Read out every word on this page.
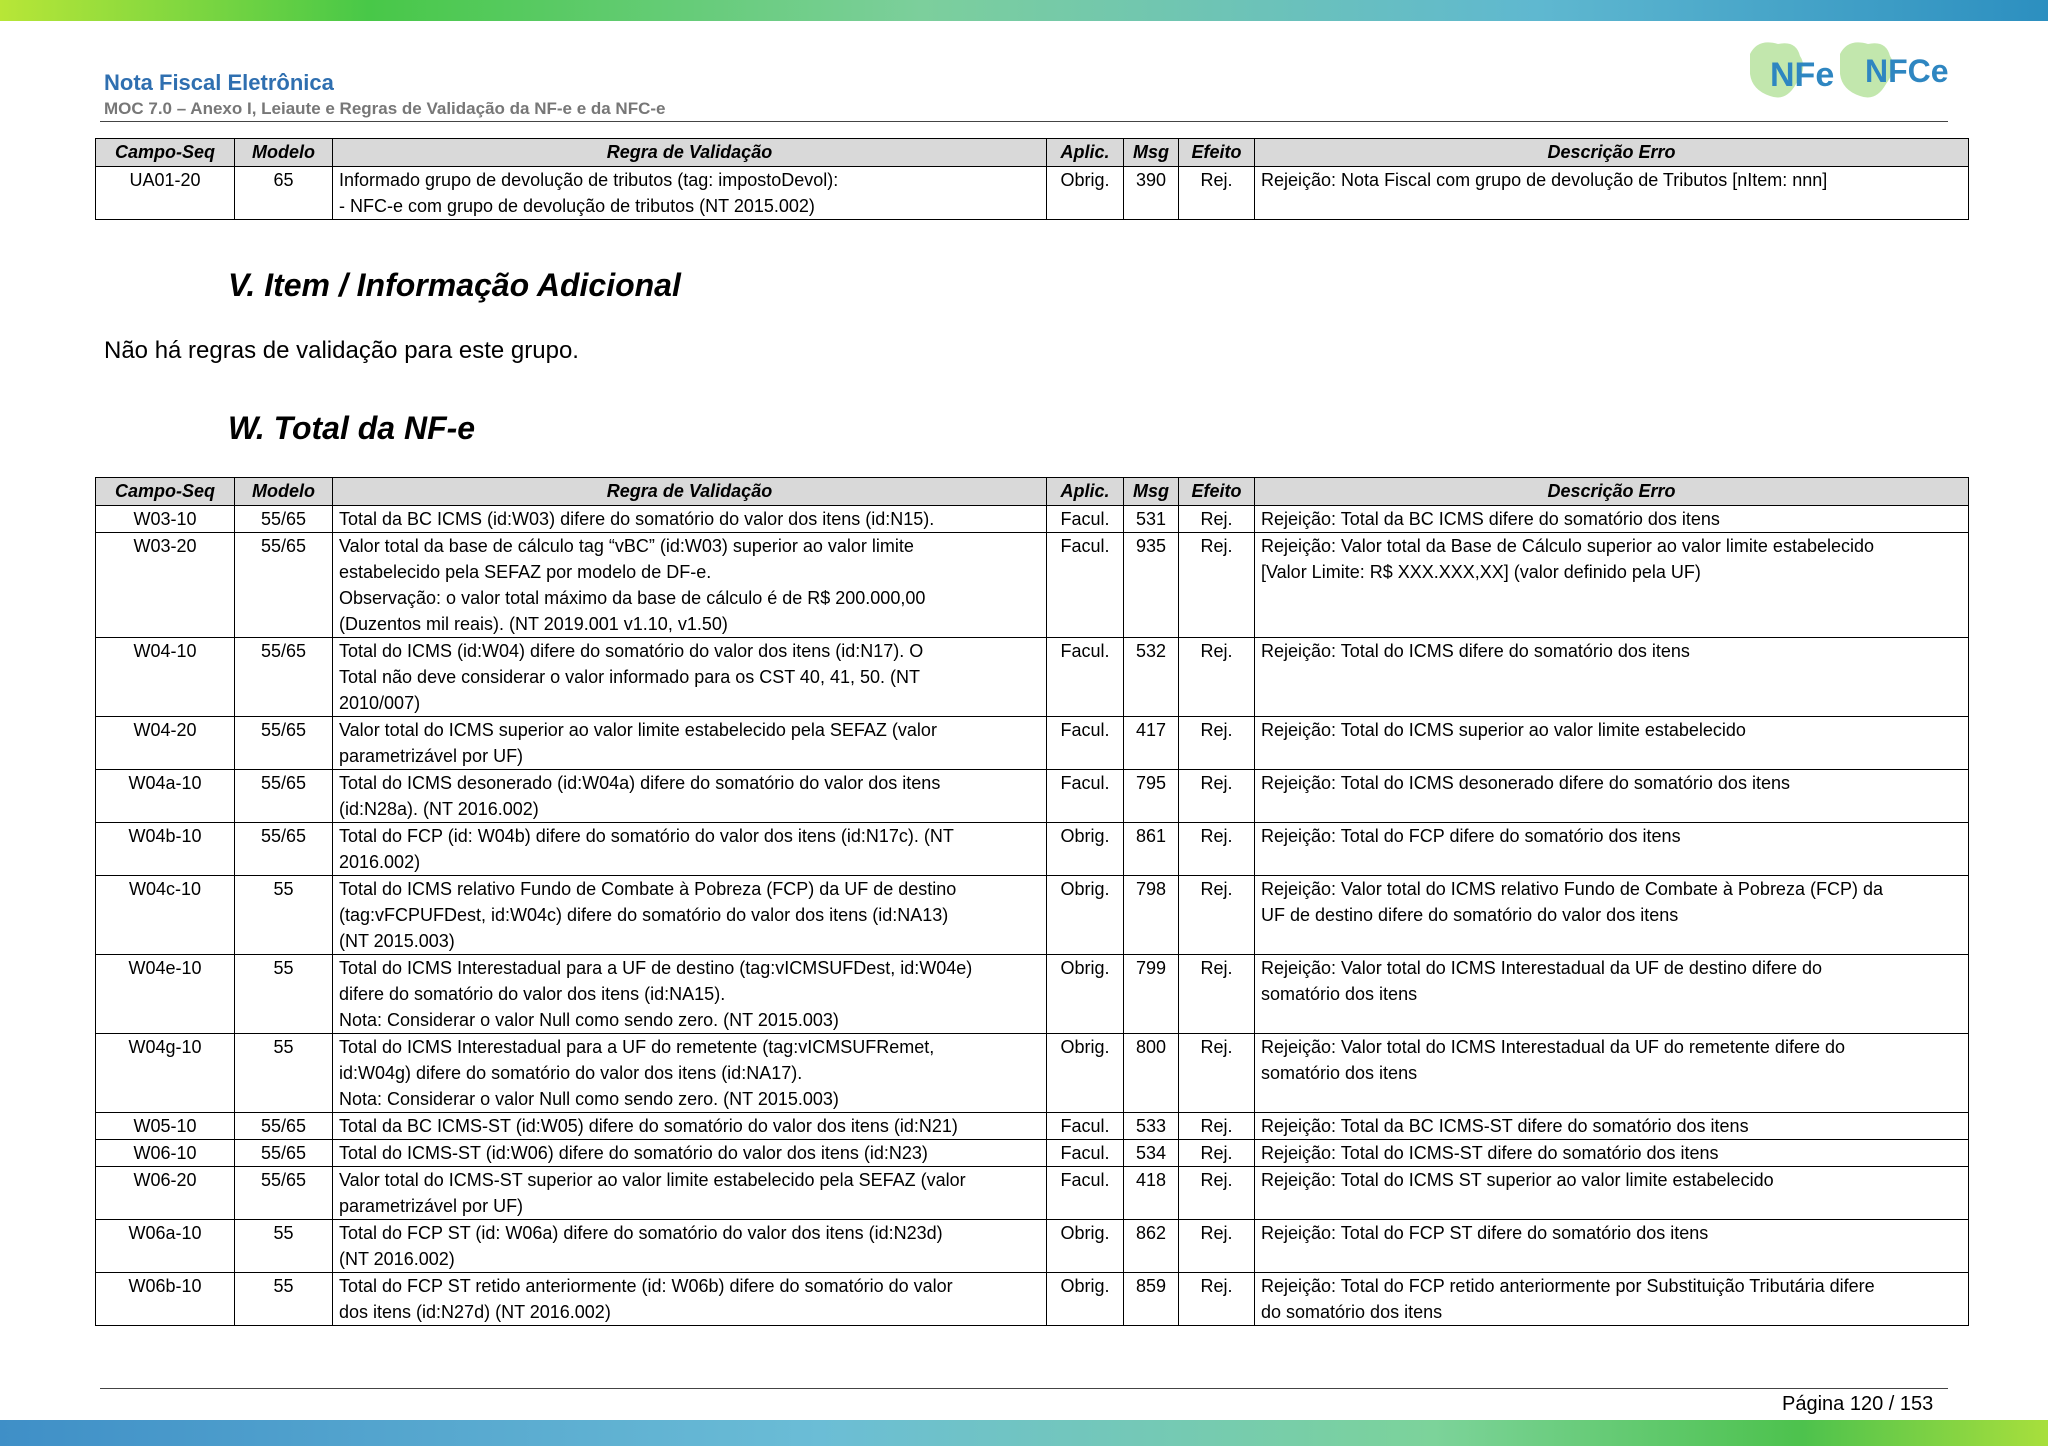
Nota Fiscal Eletrônica
MOC 7.0 – Anexo I, Leiaute e Regras de Validação da NF-e e da NFC-e
NFe NFCe
Campo-Seq	Modelo	Regra de Validação	Aplic.	Msg	Efeito	Descrição Erro
UA01-20	65	Informado grupo de devolução de tributos (tag: impostoDevol):
- NFC-e com grupo de devolução de tributos (NT 2015.002)	Obrig.	390	Rej.	Rejeição: Nota Fiscal com grupo de devolução de Tributos [nItem: nnn]
V. Item / Informação Adicional
Não há regras de validação para este grupo.
W. Total da NF-e
Campo-Seq	Modelo	Regra de Validação	Aplic.	Msg	Efeito	Descrição Erro
W03-10	55/65	Total da BC ICMS (id:W03) difere do somatório do valor dos itens (id:N15).	Facul.	531	Rej.	Rejeição: Total da BC ICMS difere do somatório dos itens

W03-20	55/65	Valor total da base de cálculo tag “vBC” (id:W03) superior ao valor limite
estabelecido pela SEFAZ por modelo de DF-e.
Observação: o valor total máximo da base de cálculo é de R$ 200.000,00
(Duzentos mil reais). (NT 2019.001 v1.10, v1.50)	Facul.	935	Rej.	Rejeição: Valor total da Base de Cálculo superior ao valor limite estabelecido
[Valor Limite: R$ XXX.XXX,XX] (valor definido pela UF)

W04-10	55/65	Total do ICMS (id:W04) difere do somatório do valor dos itens (id:N17). O
Total não deve considerar o valor informado para os CST 40, 41, 50. (NT
2010/007)	Facul.	532	Rej.	Rejeição: Total do ICMS difere do somatório dos itens

W04-20	55/65	Valor total do ICMS superior ao valor limite estabelecido pela SEFAZ (valor
parametrizável por UF)	Facul.	417	Rej.	Rejeição: Total do ICMS superior ao valor limite estabelecido

W04a-10	55/65	Total do ICMS desonerado (id:W04a) difere do somatório do valor dos itens
(id:N28a). (NT 2016.002)	Facul.	795	Rej.	Rejeição: Total do ICMS desonerado difere do somatório dos itens

W04b-10	55/65	Total do FCP (id: W04b) difere do somatório do valor dos itens (id:N17c). (NT
2016.002)	Obrig.	861	Rej.	Rejeição: Total do FCP difere do somatório dos itens

W04c-10	55	Total do ICMS relativo Fundo de Combate à Pobreza (FCP) da UF de destino
(tag:vFCPUFDest, id:W04c) difere do somatório do valor dos itens (id:NA13)
(NT 2015.003)	Obrig.	798	Rej.	Rejeição: Valor total do ICMS relativo Fundo de Combate à Pobreza (FCP) da
UF de destino difere do somatório do valor dos itens

W04e-10	55	Total do ICMS Interestadual para a UF de destino (tag:vICMSUFDest, id:W04e)
difere do somatório do valor dos itens (id:NA15).
Nota: Considerar o valor Null como sendo zero. (NT 2015.003)	Obrig.	799	Rej.	Rejeição: Valor total do ICMS Interestadual da UF de destino difere do
somatório dos itens

W04g-10	55	Total do ICMS Interestadual para a UF do remetente (tag:vICMSUFRemet,
id:W04g) difere do somatório do valor dos itens (id:NA17).
Nota: Considerar o valor Null como sendo zero. (NT 2015.003)	Obrig.	800	Rej.	Rejeição: Valor total do ICMS Interestadual da UF do remetente difere do
somatório dos itens

W05-10	55/65	Total da BC ICMS-ST (id:W05) difere do somatório do valor dos itens (id:N21)	Facul.	533	Rej.	Rejeição: Total da BC ICMS-ST difere do somatório dos itens

W06-10	55/65	Total do ICMS-ST (id:W06) difere do somatório do valor dos itens (id:N23)	Facul.	534	Rej.	Rejeição: Total do ICMS-ST difere do somatório dos itens

W06-20	55/65	Valor total do ICMS-ST superior ao valor limite estabelecido pela SEFAZ (valor
parametrizável por UF)	Facul.	418	Rej.	Rejeição: Total do ICMS ST superior ao valor limite estabelecido

W06a-10	55	Total do FCP ST (id: W06a) difere do somatório do valor dos itens (id:N23d)
(NT 2016.002)	Obrig.	862	Rej.	Rejeição: Total do FCP ST difere do somatório dos itens

W06b-10	55	Total do FCP ST retido anteriormente (id: W06b) difere do somatório do valor
dos itens (id:N27d) (NT 2016.002)	Obrig.	859	Rej.	Rejeição: Total do FCP retido anteriormente por Substituição Tributária difere
do somatório dos itens
Página 120 / 153
